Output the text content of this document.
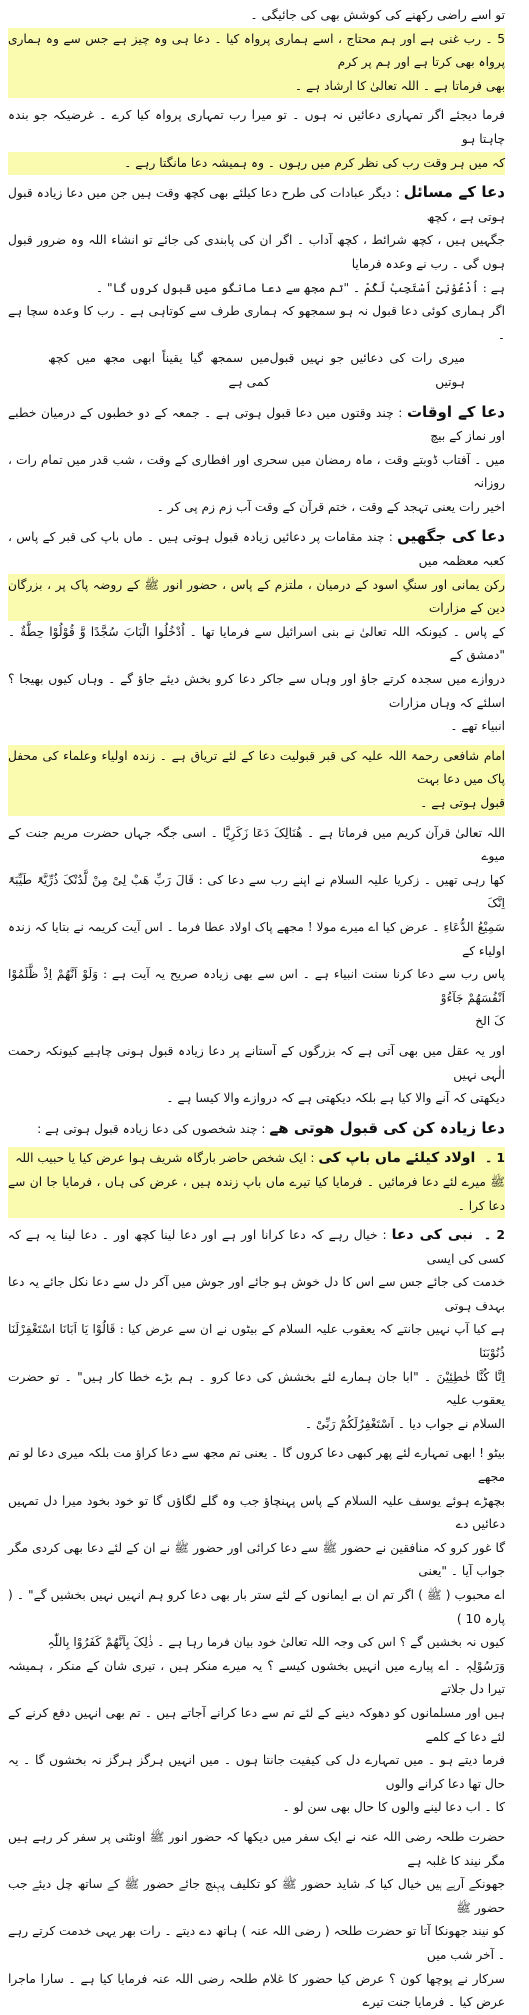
تو اسے راضی رکھنے کی کوشش بھی کی جائیگی ۔

5 ۔ رب غنی ہے اور ہم محتاج ، اسے ہماری پرواہ کیا ۔ دعا ہی وہ چیز ہے جس سے وہ ہماری پرواہ بھی کرتا ہے اور ہم پر کرم

بھی فرماتا ہے ۔ اللہ تعالیٰ کا ارشاد ہے ۔

فرما دیجئے اگر تمہاری دعائیں نہ ہوں ۔ تو میرا رب تمہاری پرواہ کیا کرے ۔ غرضیکہ جو بندہ چاہتا ہو

کہ میں ہر وقت رب کی نظر کرم میں رہوں ۔ وہ ہمیشہ دعا مانگتا رہے ۔

دعا کے مسائل : دیگر عبادات کی طرح دعا کیلئے بھی کچھ وقت ہیں جن میں دعا زیادہ قبول ہوتی ہے ، کچھ

جگہیں ہیں ، کچھ شرائط ، کچھ آداب ۔ اگر ان کی پابندی کی جائے تو انشاء اللہ وہ ضرور قبول ہوں گی ۔ رب نے وعدہ فرمایا

ہے : اُدْعُوْنِیْ اَسْتَجِبْ لَکُمْ ۔ "تم مجھ سے دعا مانگو میں قبول کروں گا" ۔

اگر ہماری کوئی دعا قبول نہ ہو سمجھو کہ ہماری طرف سے کوتاہی ہے ۔ رب کا وعدہ سچا ہے ۔

میری رات کی دعائیں جو نہیں قبول ہوتیں
میں سمجھ گیا یقیناً ابھی مجھ میں کچھ کمی ہے

دعا کے اوقات : چند وقتوں میں دعا قبول ہوتی ہے ۔ جمعہ کے دو خطبوں کے درمیان خطبے اور نماز کے بیچ

میں ۔ آفتاب ڈوبتے وقت ، ماہ رمضان میں سحری اور افطاری کے وقت ، شب قدر میں تمام رات ، روزانہ

اخیر رات یعنی تہجد کے وقت ، ختم قرآن کے وقت آب زم زم پی کر ۔

دعا کی جگھیں : چند مقامات پر دعائیں زیادہ قبول ہوتی ہیں ۔ ماں باپ کی قبر کے پاس ، کعبہ معظمہ میں

رکن یمانی اور سنگِ اسود کے درمیان ، ملتزم کے پاس ، حضور انور ﷺ کے روضہ پاک پر ، بزرگان دین کے مزارات

کے پاس ۔ کیونکہ اللہ تعالیٰ نے بنی اسرائیل سے فرمایا تھا ۔ اُدْخُلُوا الْبَابَ سُجَّدًا وَّ قُوْلُوْا حِطَّةٌ ۔ "دمشق کے

دروازے میں سجدہ کرتے جاؤ اور وہاں سے جاکر دعا کرو بخش دیئے جاؤ گے ۔ وہاں کیوں بھیجا ؟ اسلئے کہ وہاں مزارات

انبیاء تھے ۔

امام شافعی رحمۃ اللہ علیہ کی قبر قبولیت دعا کے لئے تریاق ہے ۔ زندہ اولیاء وعلماء کی محفل پاک میں دعا بہت

قبول ہوتی ہے ۔

اللہ تعالیٰ قرآن کریم میں فرماتا ہے ۔ ھُنَالِکَ دَعَا زَکَرِیَّا ۔ اسی جگہ جہاں حضرت مریم جنت کے میوے

کھا رہی تھیں ۔ زکریا علیہ السلام نے اپنے رب سے دعا کی : قَالَ رَبِّ ھَبْ لِیْ مِنْ لَّدُنْکَ ذُرِّیَّۃً طَیِّبَۃً اِنَّکَ

سَمِیْعُ الدُّعَاءِ ۔ عرض کیا اے میرے مولا ! مجھے پاک اولاد عطا فرما ۔ اس آیت کریمہ نے بتایا کہ زندہ اولیاء کے

پاس رب سے دعا کرنا سنت انبیاء ہے ۔ اس سے بھی زیادہ صریح یہ آیت ہے : وَلَوْ اَنَّھُمْ اِذْ ظَّلَمُوْا اَنْفُسَھُمْ جَآءُوْ

کَ الخ

اور یہ عقل میں بھی آتی ہے کہ بزرگوں کے آستانے پر دعا زیادہ قبول ہونی چاہیے کیونکہ رحمت الٰہی نہیں

دیکھتی کہ آنے والا کیا ہے بلکہ دیکھتی ہے کہ دروازے والا کیسا ہے ۔

دعا زیادہ کن کی قبول ھوتی ھے : چند شخصوں کی دعا زیادہ قبول ہوتی ہے :

1 ۔ اولاد کیلئے ماں باپ کی : ایک شخص حاضر بارگاہ شریف ہوا عرض کیا یا حبیب اللہ

ﷺ میرے لئے دعا فرمائیں ۔ فرمایا کیا تیرے ماں باپ زندہ ہیں ، عرض کی ہاں ، فرمایا جا ان سے دعا کرا ۔

2 ۔ نبی کی دعا : خیال رہے کہ دعا کرانا اور ہے اور دعا لینا کچھ اور ۔ دعا لینا یہ ہے کہ کسی کی ایسی

خدمت کی جائے جس سے اس کا دل خوش ہو جائے اور جوش میں آکر دل سے دعا نکل جائے یہ دعا بہدف ہوتی

ہے کیا آپ نہیں جانتے کہ یعقوب علیہ السلام کے بیٹوں نے ان سے عرض کیا : قَالُوْا یَا اَبَانَا اسْتَغْفِرْلَنَا ذُنُوْبَنَا

اِنَّا کُنَّا خٰطِئِیْنَ ۔ "ابا جان ہمارے لئے بخشش کی دعا کرو ۔ ہم بڑے خطا کار ہیں" ۔ تو حضرت یعقوب علیہ

السلام نے جواب دیا ۔ اَسْتَغْفِرُلَکُمْ رَبِّیْ ۔

بیٹو ! ابھی تمہارے لئے پھر کبھی دعا کروں گا ۔ یعنی تم مجھ سے دعا کراؤ مت بلکہ میری دعا لو تم مجھے

بچھڑے ہوئے یوسف علیہ السلام کے پاس پہنچاؤ جب وہ گلے لگاؤں گا تو خود بخود میرا دل تمہیں دعائیں دے

گا غور کرو کہ منافقین نے حضور ﷺ سے دعا کرائی اور حضور ﷺ نے ان کے لئے دعا بھی کردی مگر جواب آیا ۔ "یعنی

اے محبوب ( ﷺ ) اگر تم ان بے ایمانوں کے لئے ستر بار بھی دعا کرو ہم انہیں نہیں بخشیں گے" ۔ ( پارہ 10 )

کیوں نہ بخشیں گے ؟ اس کی وجہ اللہ تعالیٰ خود بیان فرما رہا ہے ۔ ذٰلِکَ بِاَنَّھُمْ کَفَرُوْا بِاللّٰہِ

وَرَسُوْلِہٖ ۔ اے پیارے میں انہیں بخشوں کیسے ؟ یہ میرے منکر ہیں ، تیری شان کے منکر ، ہمیشہ تیرا دل جلاتے

ہیں اور مسلمانوں کو دھوکہ دینے کے لئے تم سے دعا کرانے آجاتے ہیں ۔ تم بھی انہیں دفع کرنے کے لئے دعا کے کلمے

فرما دیتے ہو ۔ میں تمہارے دل کی کیفیت جانتا ہوں ۔ میں انہیں ہرگز ہرگز نہ بخشوں گا ۔ یہ حال تھا دعا کرانے والوں

کا ۔ اب دعا لینے والوں کا حال بھی سن لو ۔

حضرت طلحہ رضی اللہ عنہ نے ایک سفر میں دیکھا کہ حضور انور ﷺ اونٹنی پر سفر کر رہے ہیں مگر نیند کا غلبہ ہے

جھونکے آرہے ہیں خیال کیا کہ شاید حضور ﷺ کو تکلیف پہنچ جائے حضور ﷺ کے ساتھ چل دیئے جب حضور ﷺ

کو نیند جھونکا آتا تو حضرت طلحہ ( رضی اللہ عنہ ) ہاتھ دے دیتے ۔ رات بھر یہی خدمت کرتے رہے ۔ آخر شب میں

سرکار نے پوچھا کون ؟ عرض کیا حضور کا غلام طلحہ رضی اللہ عنہ فرمایا کیا ہے ۔ سارا ماجرا عرض کیا ۔ فرمایا جنت تیرے
